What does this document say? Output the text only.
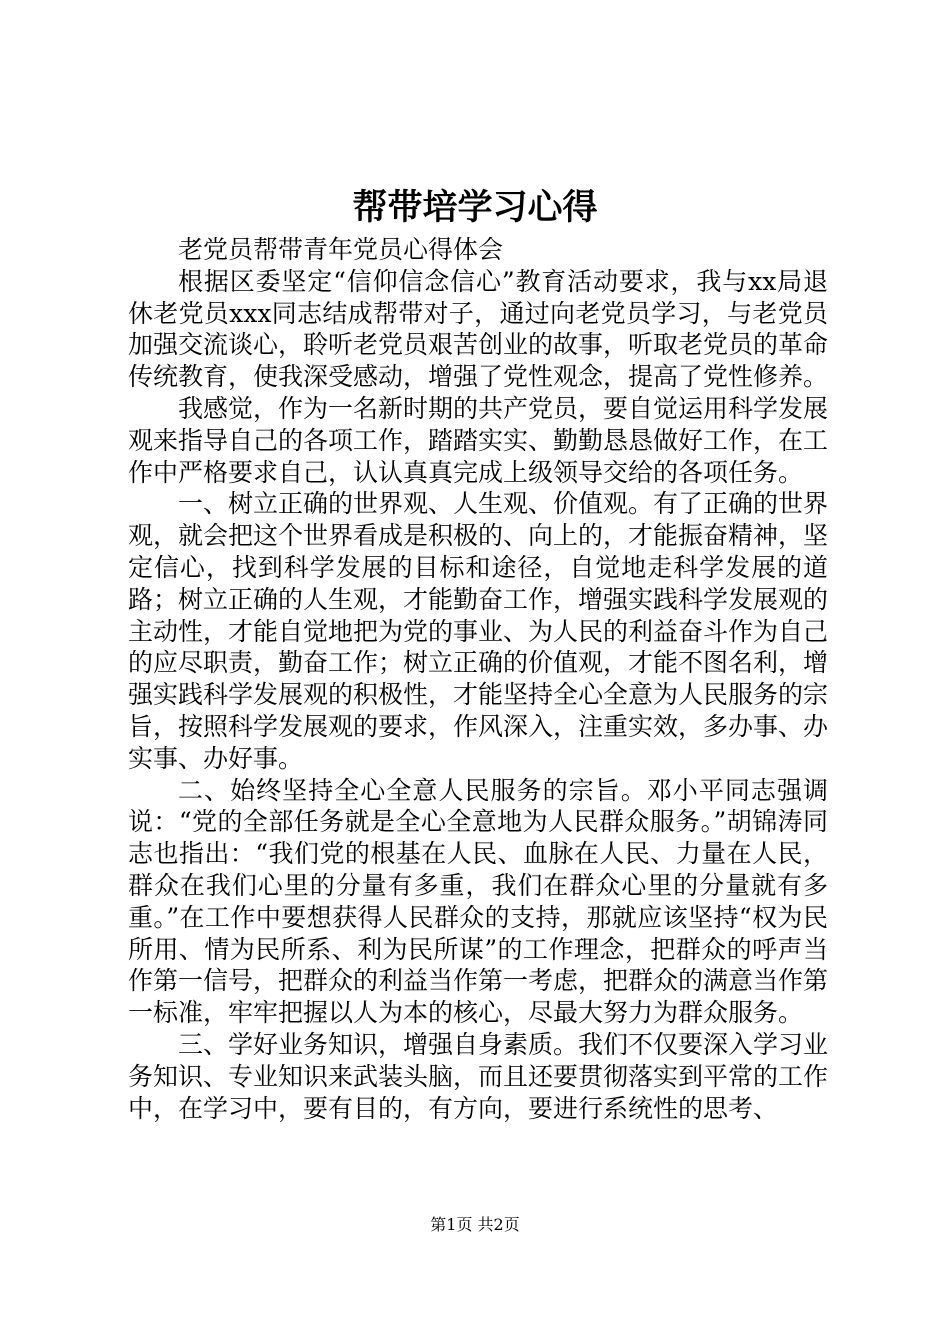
帮带培学习心得

老党员帮带青年党员心得体会

根据区委坚定“信仰信念信心”教育活动要求，我与xx局退休老党员xxx同志结成帮带对子，通过向老党员学习，与老党员加强交流谈心，聆听老党员艰苦创业的故事，听取老党员的革命传统教育，使我深受感动，增强了党性观念，提高了党性修养。

我感觉，作为一名新时期的共产党员，要自觉运用科学发展观来指导自己的各项工作，踏踏实实、勤勤恳恳做好工作，在工作中严格要求自己，认认真真完成上级领导交给的各项任务。

一、树立正确的世界观、人生观、价值观。有了正确的世界观，就会把这个世界看成是积极的、向上的，才能振奋精神，坚定信心，找到科学发展的目标和途径，自觉地走科学发展的道路；树立正确的人生观，才能勤奋工作，增强实践科学发展观的主动性，才能自觉地把为党的事业、为人民的利益奋斗作为自己的应尽职责，勤奋工作；树立正确的价值观，才能不图名利，增强实践科学发展观的积极性，才能坚持全心全意为人民服务的宗旨，按照科学发展观的要求，作风深入，注重实效，多办事、办实事、办好事。

二、始终坚持全心全意人民服务的宗旨。邓小平同志强调说：“党的全部任务就是全心全意地为人民群众服务。”胡锦涛同志也指出：“我们党的根基在人民、血脉在人民、力量在人民，群众在我们心里的分量有多重，我们在群众心里的分量就有多重。”在工作中要想获得人民群众的支持，那就应该坚持“权为民所用、情为民所系、利为民所谋”的工作理念，把群众的呼声当作第一信号，把群众的利益当作第一考虑，把群众的满意当作第一标准，牢牢把握以人为本的核心，尽最大努力为群众服务。

三、学好业务知识，增强自身素质。我们不仅要深入学习业务知识、专业知识来武装头脑，而且还要贯彻落实到平常的工作中，在学习中，要有目的，有方向，要进行系统性的思考、

第1页 共2页
